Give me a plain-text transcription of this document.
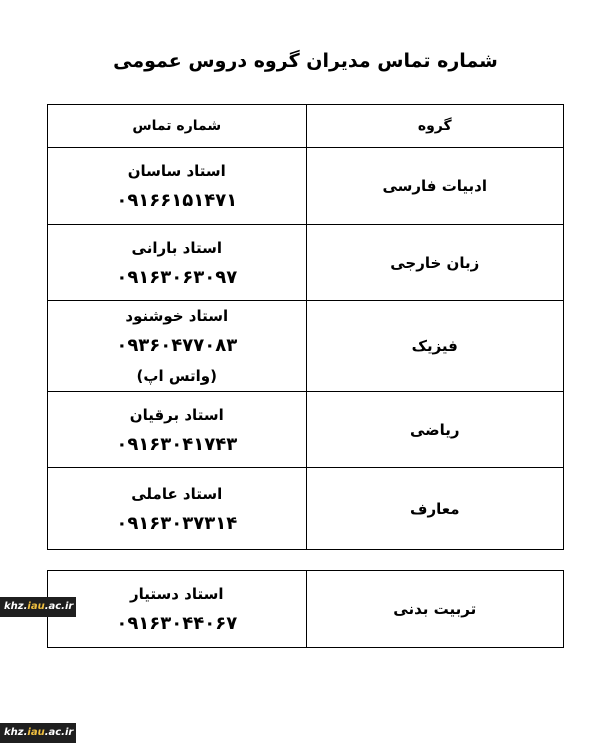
شماره تماس مدیران گروه دروس عمومی
گروه	شماره تماس
ادبیات فارسی	استاد ساسان
۰۹۱۶۶۱۵۱۴۷۱

زبان خارجی	استاد بارانی
۰۹۱۶۳۰۶۳۰۹۷

فیزیک	استاد خوشنود
۰۹۳۶۰۴۷۷۰۸۳
(واتس اپ)

ریاضی	استاد برقیان
۰۹۱۶۳۰۴۱۷۴۳

معارف	استاد عاملی
۰۹۱۶۳۰۳۷۳۱۴

تربیت بدنی	استاد دستیار
۰۹۱۶۳۰۴۴۰۶۷
khz.iau.ac.ir
khz.iau.ac.ir
